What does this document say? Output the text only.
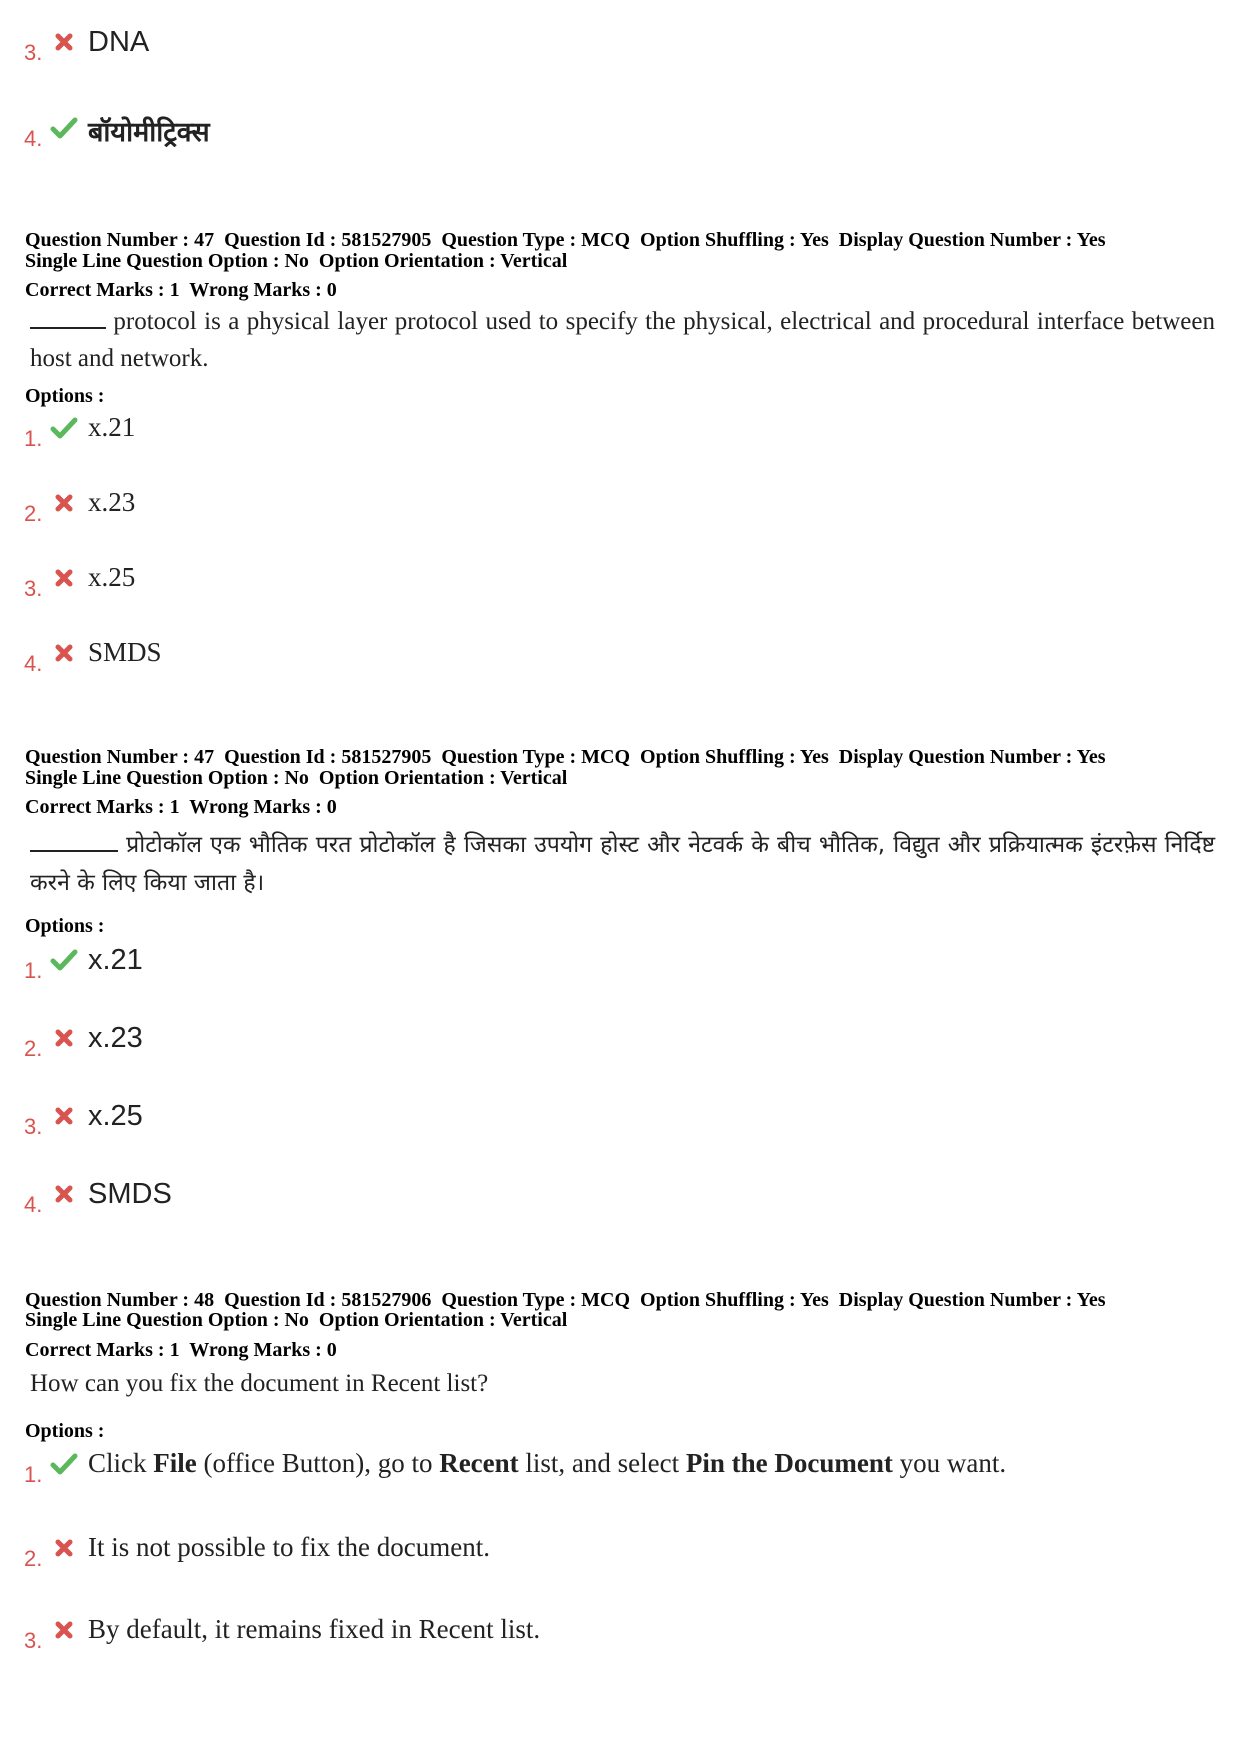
3. DNA
4. बॉयोमीट्रिक्स
Question Number : 47  Question Id : 581527905  Question Type : MCQ  Option Shuffling : Yes  Display Question Number : Yes
Single Line Question Option : No  Option Orientation : Vertical
Correct Marks : 1  Wrong Marks : 0
protocol is a physical layer protocol used to specify the physical, electrical and procedural interface between host and network.
Options :
1. x.21
2. x.23
3. x.25
4. SMDS
Question Number : 47  Question Id : 581527905  Question Type : MCQ  Option Shuffling : Yes  Display Question Number : Yes
Single Line Question Option : No  Option Orientation : Vertical
Correct Marks : 1  Wrong Marks : 0
प्रोटोकॉल एक भौतिक परत प्रोटोकॉल है जिसका उपयोग होस्ट और नेटवर्क के बीच भौतिक, विद्युत और प्रक्रियात्मक इंटरफ़ेस निर्दिष्ट करने के लिए किया जाता है।
Options :
1. x.21
2. x.23
3. x.25
4. SMDS
Question Number : 48  Question Id : 581527906  Question Type : MCQ  Option Shuffling : Yes  Display Question Number : Yes
Single Line Question Option : No  Option Orientation : Vertical
Correct Marks : 1  Wrong Marks : 0
How can you fix the document in Recent list?
Options :
1. Click File (office Button), go to Recent list, and select Pin the Document you want.
2. It is not possible to fix the document.
3. By default, it remains fixed in Recent list.
